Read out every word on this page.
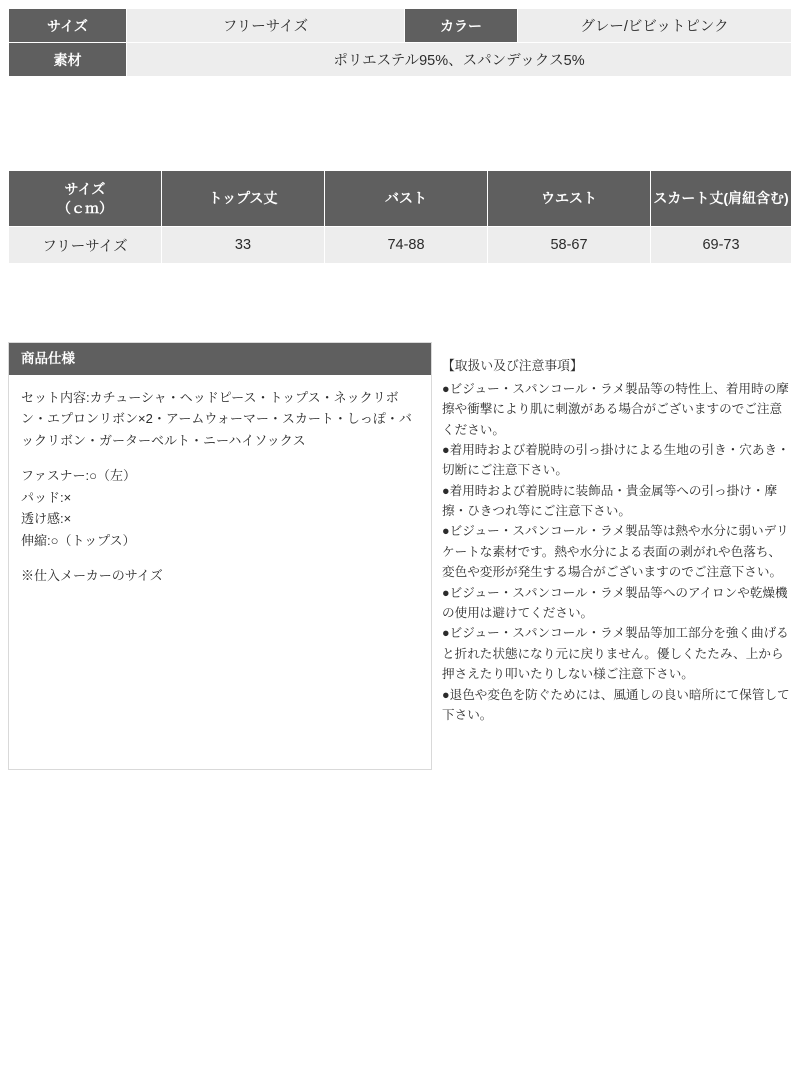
サイズ	フリーサイズ	カラー	グレー/ビビットピンク
素材	ポリエステル95%、スパンデックス5%		
サイズ
（ｃｍ）	トップス丈	バスト	ウエスト	スカート丈(肩紐含む)
フリーサイズ	33	74-88	58-67	69-73
商品仕様

セット内容:カチューシャ・ヘッドピース・トップス・ネックリボン・エプロンリボン×2・アームウォーマー・スカート・しっぽ・バックリボン・ガーターベルト・ニーハイソックス

ファスナー:○（左）

パッド:×

透け感:×

伸縮:○（トップス）

※仕入メーカーのサイズ

【取扱い及び注意事項】

●ビジュー・スパンコール・ラメ製品等の特性上、着用時の摩擦や衝撃により肌に刺激がある場合がございますのでご注意ください。
●着用時および着脱時の引っ掛けによる生地の引き・穴あき・切断にご注意下さい。
●着用時および着脱時に装飾品・貴金属等への引っ掛け・摩擦・ひきつれ等にご注意下さい。
●ビジュー・スパンコール・ラメ製品等は熱や水分に弱いデリケートな素材です。熱や水分による表面の剥がれや色落ち、変色や変形が発生する場合がございますのでご注意下さい。
●ビジュー・スパンコール・ラメ製品等へのアイロンや乾燥機の使用は避けてください。
●ビジュー・スパンコール・ラメ製品等加工部分を強く曲げると折れた状態になり元に戻りません。優しくたたみ、上から押さえたり叩いたりしない様ご注意下さい。
●退色や変色を防ぐためには、風通しの良い暗所にて保管して下さい。
